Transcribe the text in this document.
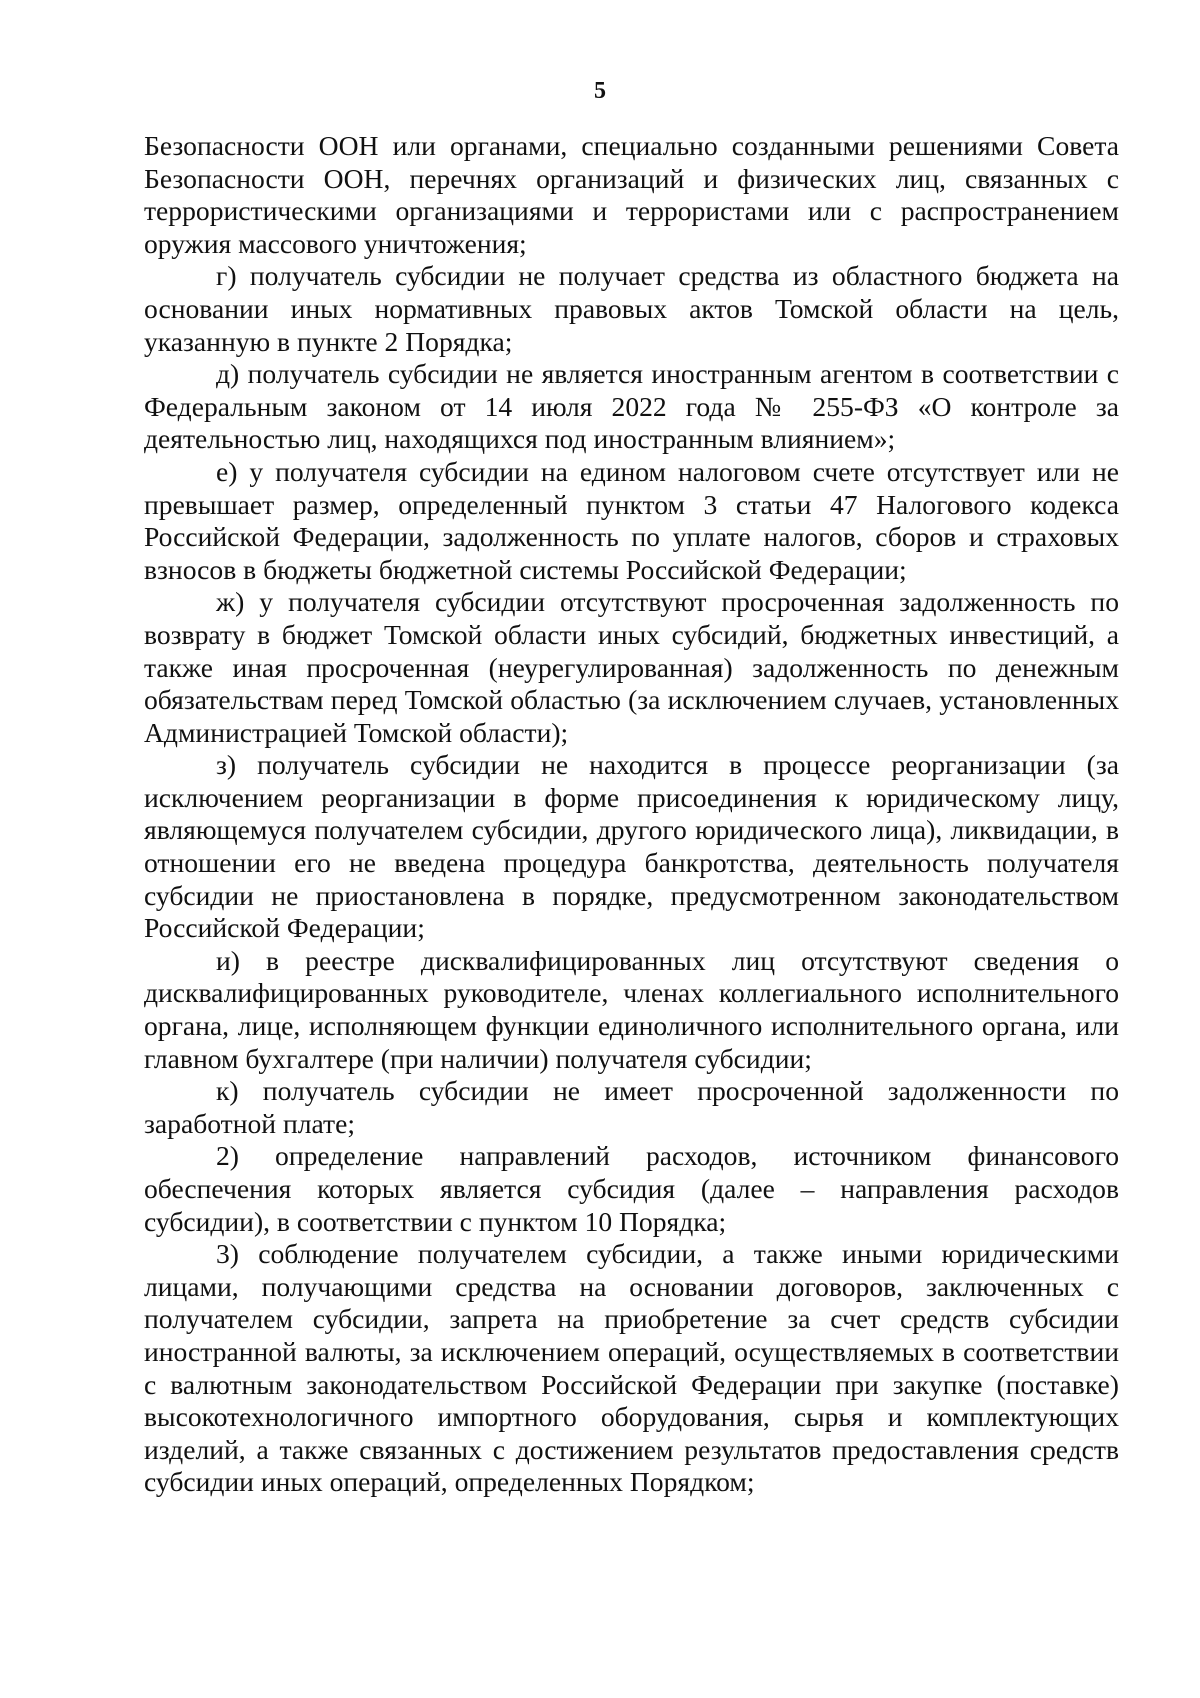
5

Безопасности ООН или органами, специально созданными решениями Совета Безопасности ООН, перечнях организаций и физических лиц, связанных с террористическими организациями и террористами или с распространением оружия массового уничтожения;

г) получатель субсидии не получает средства из областного бюджета на основании иных нормативных правовых актов Томской области на цель, указанную в пункте 2 Порядка;

д) получатель субсидии не является иностранным агентом в соответствии с Федеральным законом от 14 июля 2022 года № 255-ФЗ «О контроле за деятельностью лиц, находящихся под иностранным влиянием»;

е) у получателя субсидии на едином налоговом счете отсутствует или не превышает размер, определенный пунктом 3 статьи 47 Налогового кодекса Российской Федерации, задолженность по уплате налогов, сборов и страховых взносов в бюджеты бюджетной системы Российской Федерации;

ж) у получателя субсидии отсутствуют просроченная задолженность по возврату в бюджет Томской области иных субсидий, бюджетных инвестиций, а также иная просроченная (неурегулированная) задолженность по денежным обязательствам перед Томской областью (за исключением случаев, установленных Администрацией Томской области);

з) получатель субсидии не находится в процессе реорганизации (за исключением реорганизации в форме присоединения к юридическому лицу, являющемуся получателем субсидии, другого юридического лица), ликвидации, в отношении его не введена процедура банкротства, деятельность получателя субсидии не приостановлена в порядке, предусмотренном законодательством Российской Федерации;

и) в реестре дисквалифицированных лиц отсутствуют сведения о дисквалифицированных руководителе, членах коллегиального исполнительного органа, лице, исполняющем функции единоличного исполнительного органа, или главном бухгалтере (при наличии) получателя субсидии;

к) получатель субсидии не имеет просроченной задолженности по заработной плате;

2) определение направлений расходов, источником финансового обеспечения которых является субсидия (далее – направления расходов субсидии), в соответствии с пунктом 10 Порядка;

3) соблюдение получателем субсидии, а также иными юридическими лицами, получающими средства на основании договоров, заключенных с получателем субсидии, запрета на приобретение за счет средств субсидии иностранной валюты, за исключением операций, осуществляемых в соответствии с валютным законодательством Российской Федерации при закупке (поставке) высокотехнологичного импортного оборудования, сырья и комплектующих изделий, а также связанных с достижением результатов предоставления средств субсидии иных операций, определенных Порядком;
